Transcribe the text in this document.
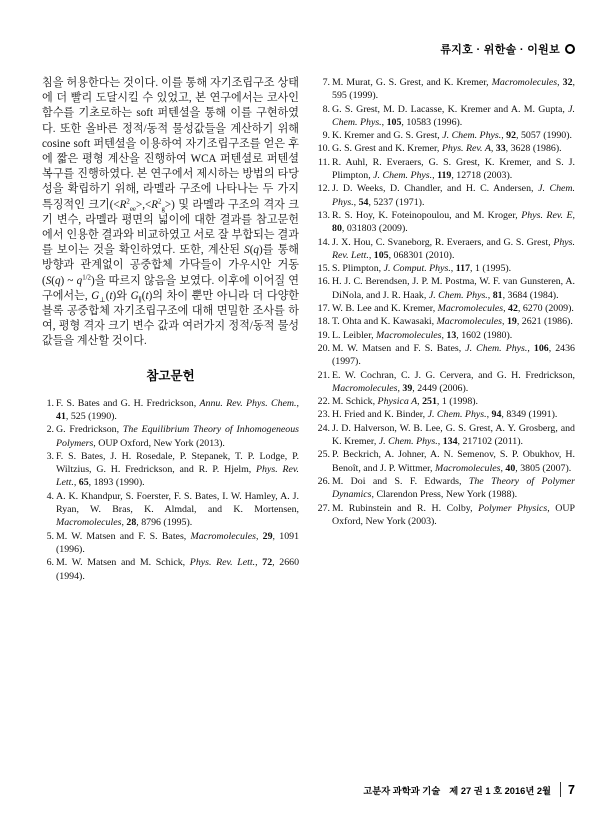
류지호 · 위한솔 · 이원보
침을 허용한다는 것이다. 이를 통해 자기조립구조 상태에 더 빨리 도달시킬 수 있었고, 본 연구에서는 코사인 함수를 기초로하는 soft 퍼텐셜을 통해 이를 구현하였다. 또한 올바른 정적/동적 물성값들을 계산하기 위해 cosine soft 퍼텐셜을 이용하여 자기조립구조를 얻은 후에 짧은 평형 계산을 진행하여 WCA 퍼텐셜로 퍼텐셜 복구를 진행하였다. 본 연구에서 제시하는 방법의 타당성을 확립하기 위해, 라멜라 구조에 나타나는 두 가지 특징적인 크기$(<R^2_{ee}>,<R^2_g>)$ 및 라멜라 구조의 격자 크기 변수, 라멜라 평면의 넓이에 대한 결과를 참고문헌에서 인용한 결과와 비교하였고 서로 잘 부합되는 결과를 보이는 것을 확인하였다. 또한, 계산된 S(q)를 통해 방향과 관계없이 공중합체 가닥들이 가우시안 거동(S(q) ~ $q^{1/2}$)을 따르지 않음을 보였다. 이후에 이어질 연구에서는, $G_\perp(t)$와 $G_\parallel(t)$의 차이 뿐만 아니라 더 다양한 블록 공중합체 자기조립구조에 대해 면밀한 조사를 하여, 평형 격자 크기 변수 값과 여러가지 정적/동적 물성 값들을 계산할 것이다.
참고문헌
1. F. S. Bates and G. H. Fredrickson, Annu. Rev. Phys. Chem., 41, 525 (1990).
2. G. Fredrickson, The Equilibrium Theory of Inhomogeneous Polymers, OUP Oxford, New York (2013).
3. F. S. Bates, J. H. Rosedale, P. Stepanek, T. P. Lodge, P. Wiltzius, G. H. Fredrickson, and R. P. Hjelm, Phys. Rev. Lett., 65, 1893 (1990).
4. A. K. Khandpur, S. Foerster, F. S. Bates, I. W. Hamley, A. J. Ryan, W. Bras, K. Almdal, and K. Mortensen, Macromolecules, 28, 8796 (1995).
5. M. W. Matsen and F. S. Bates, Macromolecules, 29, 1091 (1996).
6. M. W. Matsen and M. Schick, Phys. Rev. Lett., 72, 2660 (1994).
7. M. Murat, G. S. Grest, and K. Kremer, Macromolecules, 32, 595 (1999).
8. G. S. Grest, M. D. Lacasse, K. Kremer and A. M. Gupta, J. Chem. Phys., 105, 10583 (1996).
9. K. Kremer and G. S. Grest, J. Chem. Phys., 92, 5057 (1990).
10. G. S. Grest and K. Kremer, Phys. Rev. A, 33, 3628 (1986).
11. R. Auhl, R. Everaers, G. S. Grest, K. Kremer, and S. J. Plimpton, J. Chem. Phys., 119, 12718 (2003).
12. J. D. Weeks, D. Chandler, and H. C. Andersen, J. Chem. Phys., 54, 5237 (1971).
13. R. S. Hoy, K. Foteinopoulou, and M. Kroger, Phys. Rev. E, 80, 031803 (2009).
14. J. X. Hou, C. Svaneborg, R. Everaers, and G. S. Grest, Phys. Rev. Lett., 105, 068301 (2010).
15. S. Plimpton, J. Comput. Phys., 117, 1 (1995).
16. H. J. C. Berendsen, J. P. M. Postma, W. F. van Gunsteren, A. DiNola, and J. R. Haak, J. Chem. Phys., 81, 3684 (1984).
17. W. B. Lee and K. Kremer, Macromolecules, 42, 6270 (2009).
18. T. Ohta and K. Kawasaki, Macromolecules, 19, 2621 (1986).
19. L. Leibler, Macromolecules, 13, 1602 (1980).
20. M. W. Matsen and F. S. Bates, J. Chem. Phys., 106, 2436 (1997).
21. E. W. Cochran, C. J. G. Cervera, and G. H. Fredrickson, Macromolecules, 39, 2449 (2006).
22. M. Schick, Physica A, 251, 1 (1998).
23. H. Fried and K. Binder, J. Chem. Phys., 94, 8349 (1991).
24. J. D. Halverson, W. B. Lee, G. S. Grest, A. Y. Grosberg, and K. Kremer, J. Chem. Phys., 134, 217102 (2011).
25. P. Beckrich, A. Johner, A. N. Semenov, S. P. Obukhov, H. Benoît, and J. P. Wittmer, Macromolecules, 40, 3805 (2007).
26. M. Doi and S. F. Edwards, The Theory of Polymer Dynamics, Clarendon Press, New York (1988).
27. M. Rubinstein and R. H. Colby, Polymer Physics, OUP Oxford, New York (2003).
고분자 과학과 기술 제 27 권 1 호 2016년 2월 7
